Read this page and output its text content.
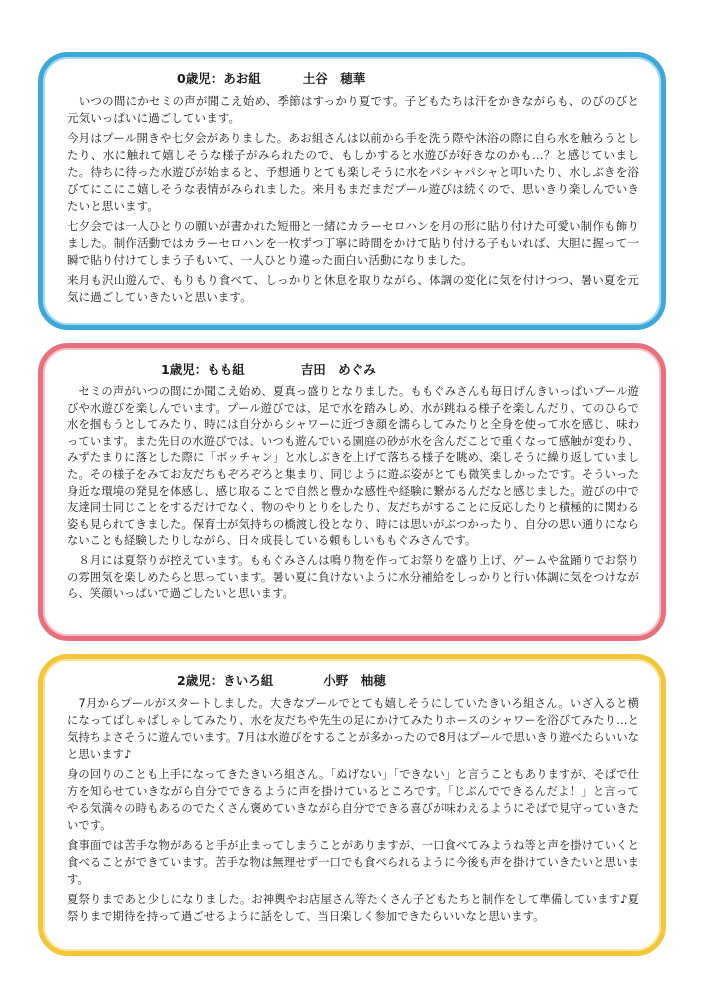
0歳児：あお組	土谷　穂華

　いつの間にかセミの声が聞こえ始め、季節はすっかり夏です。子どもたちは汗をかきながらも、のびのびと元気いっぱいに過ごしています。

今月はプール開きや七夕会がありました。あお組さんは以前から手を洗う際や沐浴の際に自ら水を触ろうとしたり、水に触れて嬉しそうな様子がみられたので、もしかすると水遊びが好きなのかも…？と感じていました。待ちに待った水遊びが始まると、予想通りとても楽しそうに水をパシャパシャと叩いたり、水しぶきを浴びてにこにこ嬉しそうな表情がみられました。来月もまだまだプール遊びは続くので、思いきり楽しんでいきたいと思います。

七夕会では一人ひとりの願いが書かれた短冊と一緒にカラーセロハンを月の形に貼り付けた可愛い制作も飾りました。制作活動ではカラーセロハンを一枚ずつ丁寧に時間をかけて貼り付ける子もいれば、大胆に握って一瞬で貼り付けてしまう子もいて、一人ひとり違った面白い活動になりました。

来月も沢山遊んで、もりもり食べて、しっかりと休息を取りながら、体調の変化に気を付けつつ、暑い夏を元気に過ごしていきたいと思います。

1歳児：もも組	吉田　めぐみ

　セミの声がいつの間にか聞こえ始め、夏真っ盛りとなりました。ももぐみさんも毎日げんきいっぱいプール遊びや水遊びを楽しんでいます。プール遊びでは、足で水を踏みしめ、水が跳ねる様子を楽しんだり、てのひらで水を掴もうとしてみたり、時には自分からシャワーに近づき顔を濡らしてみたりと全身を使って水を感じ、味わっています。また先日の水遊びでは、いつも遊んでいる園庭の砂が水を含んだことで重くなって感触が変わり、みずたまりに落とした際に「ボッチャン」と水しぶきを上げて落ちる様子を眺め、楽しそうに繰り返していました。その様子をみてお友だちもぞろぞろと集まり、同じように遊ぶ姿がとても微笑ましかったです。そういった身近な環境の発見を体感し、感じ取ることで自然と豊かな感性や経験に繋がるんだなと感じました。遊びの中で友達同士同じことをするだけでなく、物のやりとりをしたり、友だちがすることに反応したりと積極的に関わる姿も見られてきました。保育士が気持ちの橋渡し役となり、時には思いがぶつかったり、自分の思い通りにならないことも経験したりしながら、日々成長している頼もしいももぐみさんです。

　８月には夏祭りが控えています。ももぐみさんは鳴り物を作ってお祭りを盛り上げ、ゲームや盆踊りでお祭りの雰囲気を楽しめたらと思っています。暑い夏に負けないように水分補給をしっかりと行い体調に気をつけながら、笑顔いっぱいで過ごしたいと思います。

2歳児：きいろ組	小野　柚穂

　7月からプールがスタートしました。大きなプールでとても嬉しそうにしていたきいろ組さん。いざ入ると横になってばしゃばしゃしてみたり、水を友だちや先生の足にかけてみたりホースのシャワーを浴びてみたり…と気持ちよさそうに遊んでいます。7月は水遊びをすることが多かったので8月はプールで思いきり遊べたらいいなと思います♪

身の回りのことも上手になってきたきいろ組さん。「ぬげない」「できない」と言うこともありますが、そばで仕方を知らせていきながら自分でできるように声を掛けているところです。「じぶんでできるんだよ！」と言ってやる気満々の時もあるのでたくさん褒めていきながら自分でできる喜びが味わえるようにそばで見守っていきたいです。

食事面では苦手な物があると手が止まってしまうことがありますが、一口食べてみようね等と声を掛けていくと食べることができています。苦手な物は無理せず一口でも食べられるように今後も声を掛けていきたいと思います。

夏祭りまであと少しになりました。お神輿やお店屋さん等たくさん子どもたちと制作をして準備しています♪夏祭りまで期待を持って過ごせるように話をして、当日楽しく参加できたらいいなと思います。
